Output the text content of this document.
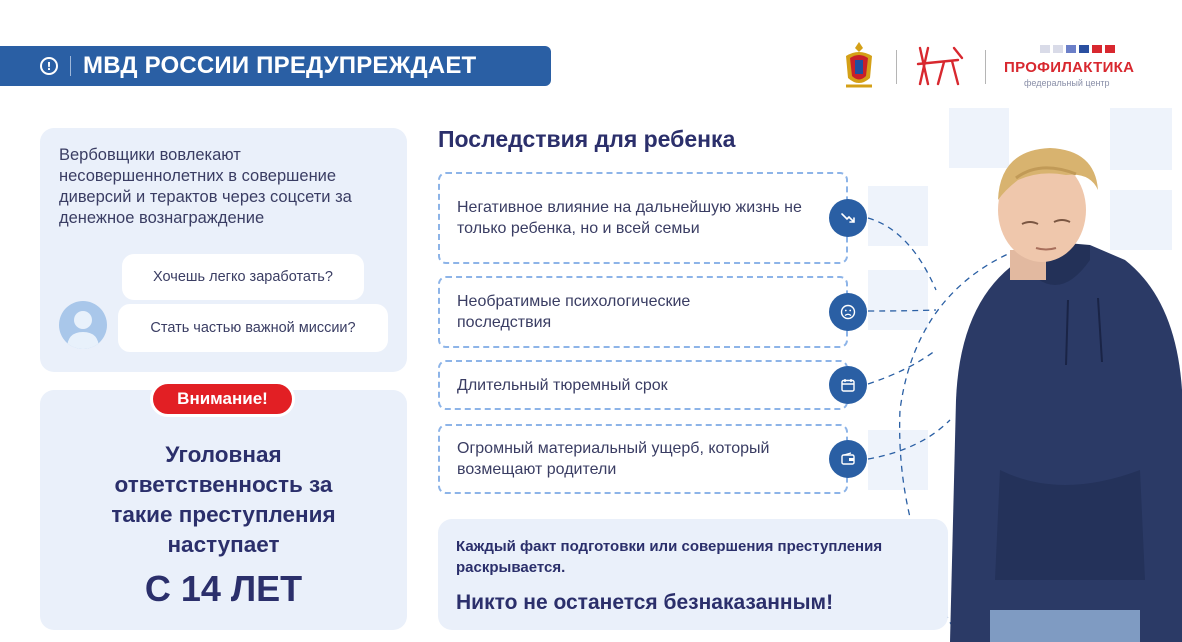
! МВД РОССИИ ПРЕДУПРЕЖДАЕТ	ПРОФИЛАКТИКА
федеральный центр
Вербовщики вовлекают несовершеннолетних в совершение диверсий и терактов через соцсети за денежное вознаграждение
Хочешь легко заработать?
Стать частью важной миссии?
Внимание!
Уголовная ответственность за такие преступления наступает
С 14 ЛЕТ
Последствия для ребенка
Негативное влияние на дальнейшую жизнь не только ребенка, но и всей семьи
Необратимые психологические последствия
Длительный тюремный срок
Огромный материальный ущерб, который возмещают родители
Каждый факт подготовки или совершения преступления раскрывается.
Никто не останется безнаказанным!
